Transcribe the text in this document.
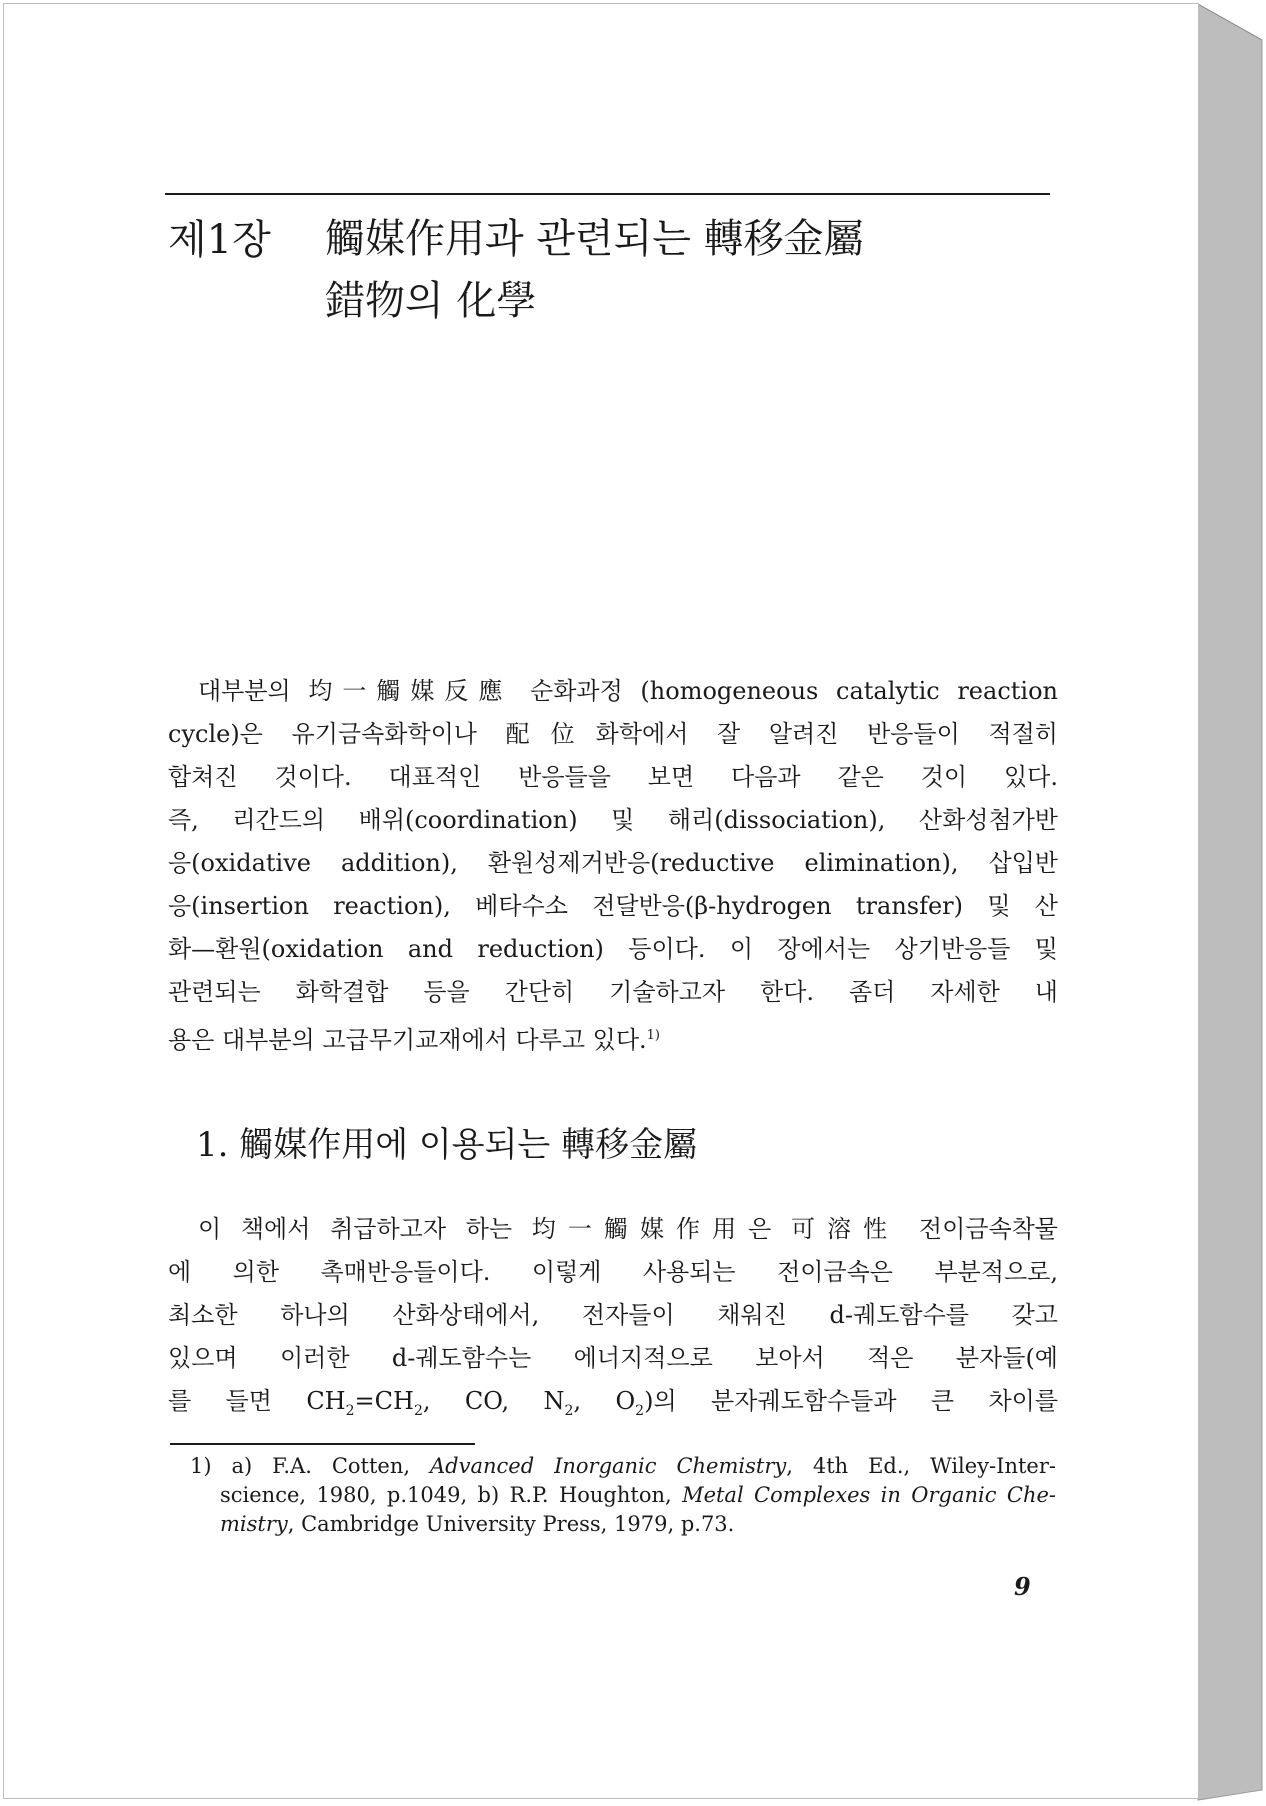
제1장 觸媒作用과 관련되는 轉移金屬
錯物의 化學
대부분의 均一觸媒反應 순화과정 (homogeneous catalytic reaction
cycle)은 유기금속화학이나 配位화학에서 잘 알려진 반응들이 적절히
합쳐진 것이다. 대표적인 반응들을 보면 다음과 같은 것이 있다.
즉, 리간드의 배위(coordination) 및 해리(dissociation), 산화성첨가반
응(oxidative addition), 환원성제거반응(reductive elimination), 삽입반
응(insertion reaction), 베타수소 전달반응(β-hydrogen transfer) 및 산
화—환원(oxidation and reduction) 등이다. 이 장에서는 상기반응들 및
관련되는 화학결합 등을 간단히 기술하고자 한다. 좀더 자세한 내
용은 대부분의 고급무기교재에서 다루고 있다.$^{1)}$
1. 觸媒作用에 이용되는 轉移金屬
이 책에서 취급하고자 하는 均一觸媒作用은 可溶性 전이금속착물
에 의한 촉매반응들이다. 이렇게 사용되는 전이금속은 부분적으로,
최소한 하나의 산화상태에서, 전자들이 채워진 d-궤도함수를 갖고
있으며 이러한 d-궤도함수는 에너지적으로 보아서 적은 분자들(예
를 들면 $CH_2=CH_2$, CO, $N_2$, $O_2$)의 분자궤도함수들과 큰 차이를
1) a) F.A. Cotten, Advanced Inorganic Chemistry, 4th Ed., Wiley-Inter-
science, 1980, p.1049, b) R.P. Houghton, Metal Complexes in Organic Che-
mistry, Cambridge University Press, 1979, p.73.
9
